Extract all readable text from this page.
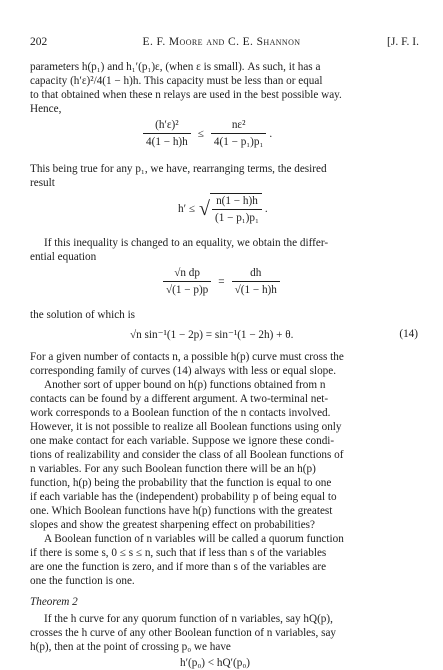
202	E. F. Moore and C. E. Shannon	[J. F. I.
parameters h(p₁) and h₁′(p₁)ε, (when ε is small). As such, it has a
capacity (h′ε)²/4(1 − h)h. This capacity must be less than or equal
to that obtained when these n relays are used in the best possible way.
Hence,
$\frac{\text{(h′ε)²}}{4(1 - h)h} \le \frac{\text{nε²}}{\text{4(1 − p₁)p₁}}$ .
This being true for any p₁, we have, rearranging terms, the desired
result
h′ ≤ √ $\frac{n(1 - h)h}{\text{(1 − p₁)p₁}}$ .
If this inequality is changed to an equality, we obtain the differ-
ential equation
$\frac{\text{√n dp}}{√(1 - p)p} = \frac{dh}{√(1 - h)h}$
the solution of which is
√n sin⁻¹(1 − 2p) = sin⁻¹(1 − 2h) + θ.	(14)
For a given number of contacts n, a possible h(p) curve must cross the
corresponding family of curves (14) always with less or equal slope.
Another sort of upper bound on h(p) functions obtained from n
contacts can be found by a different argument. A two-terminal net-
work corresponds to a Boolean function of the n contacts involved.
However, it is not possible to realize all Boolean functions using only
one make contact for each variable. Suppose we ignore these condi-
tions of realizability and consider the class of all Boolean functions of
n variables. For any such Boolean function there will be an h(p)
function, h(p) being the probability that the function is equal to one
if each variable has the (independent) probability p of being equal to
one. Which Boolean functions have h(p) functions with the greatest
slopes and show the greatest sharpening effect on probabilities?
A Boolean function of n variables will be called a quorum function
if there is some s, 0 ≤ s ≤ n, such that if less than s of the variables
are one the function is zero, and if more than s of the variables are
one the function is one.
Theorem 2
If the h curve for any quorum function of n variables, say hQ(p),
crosses the h curve of any other Boolean function of n variables, say
h(p), then at the point of crossing p₀ we have
h′(p₀) < hQ′(p₀)
